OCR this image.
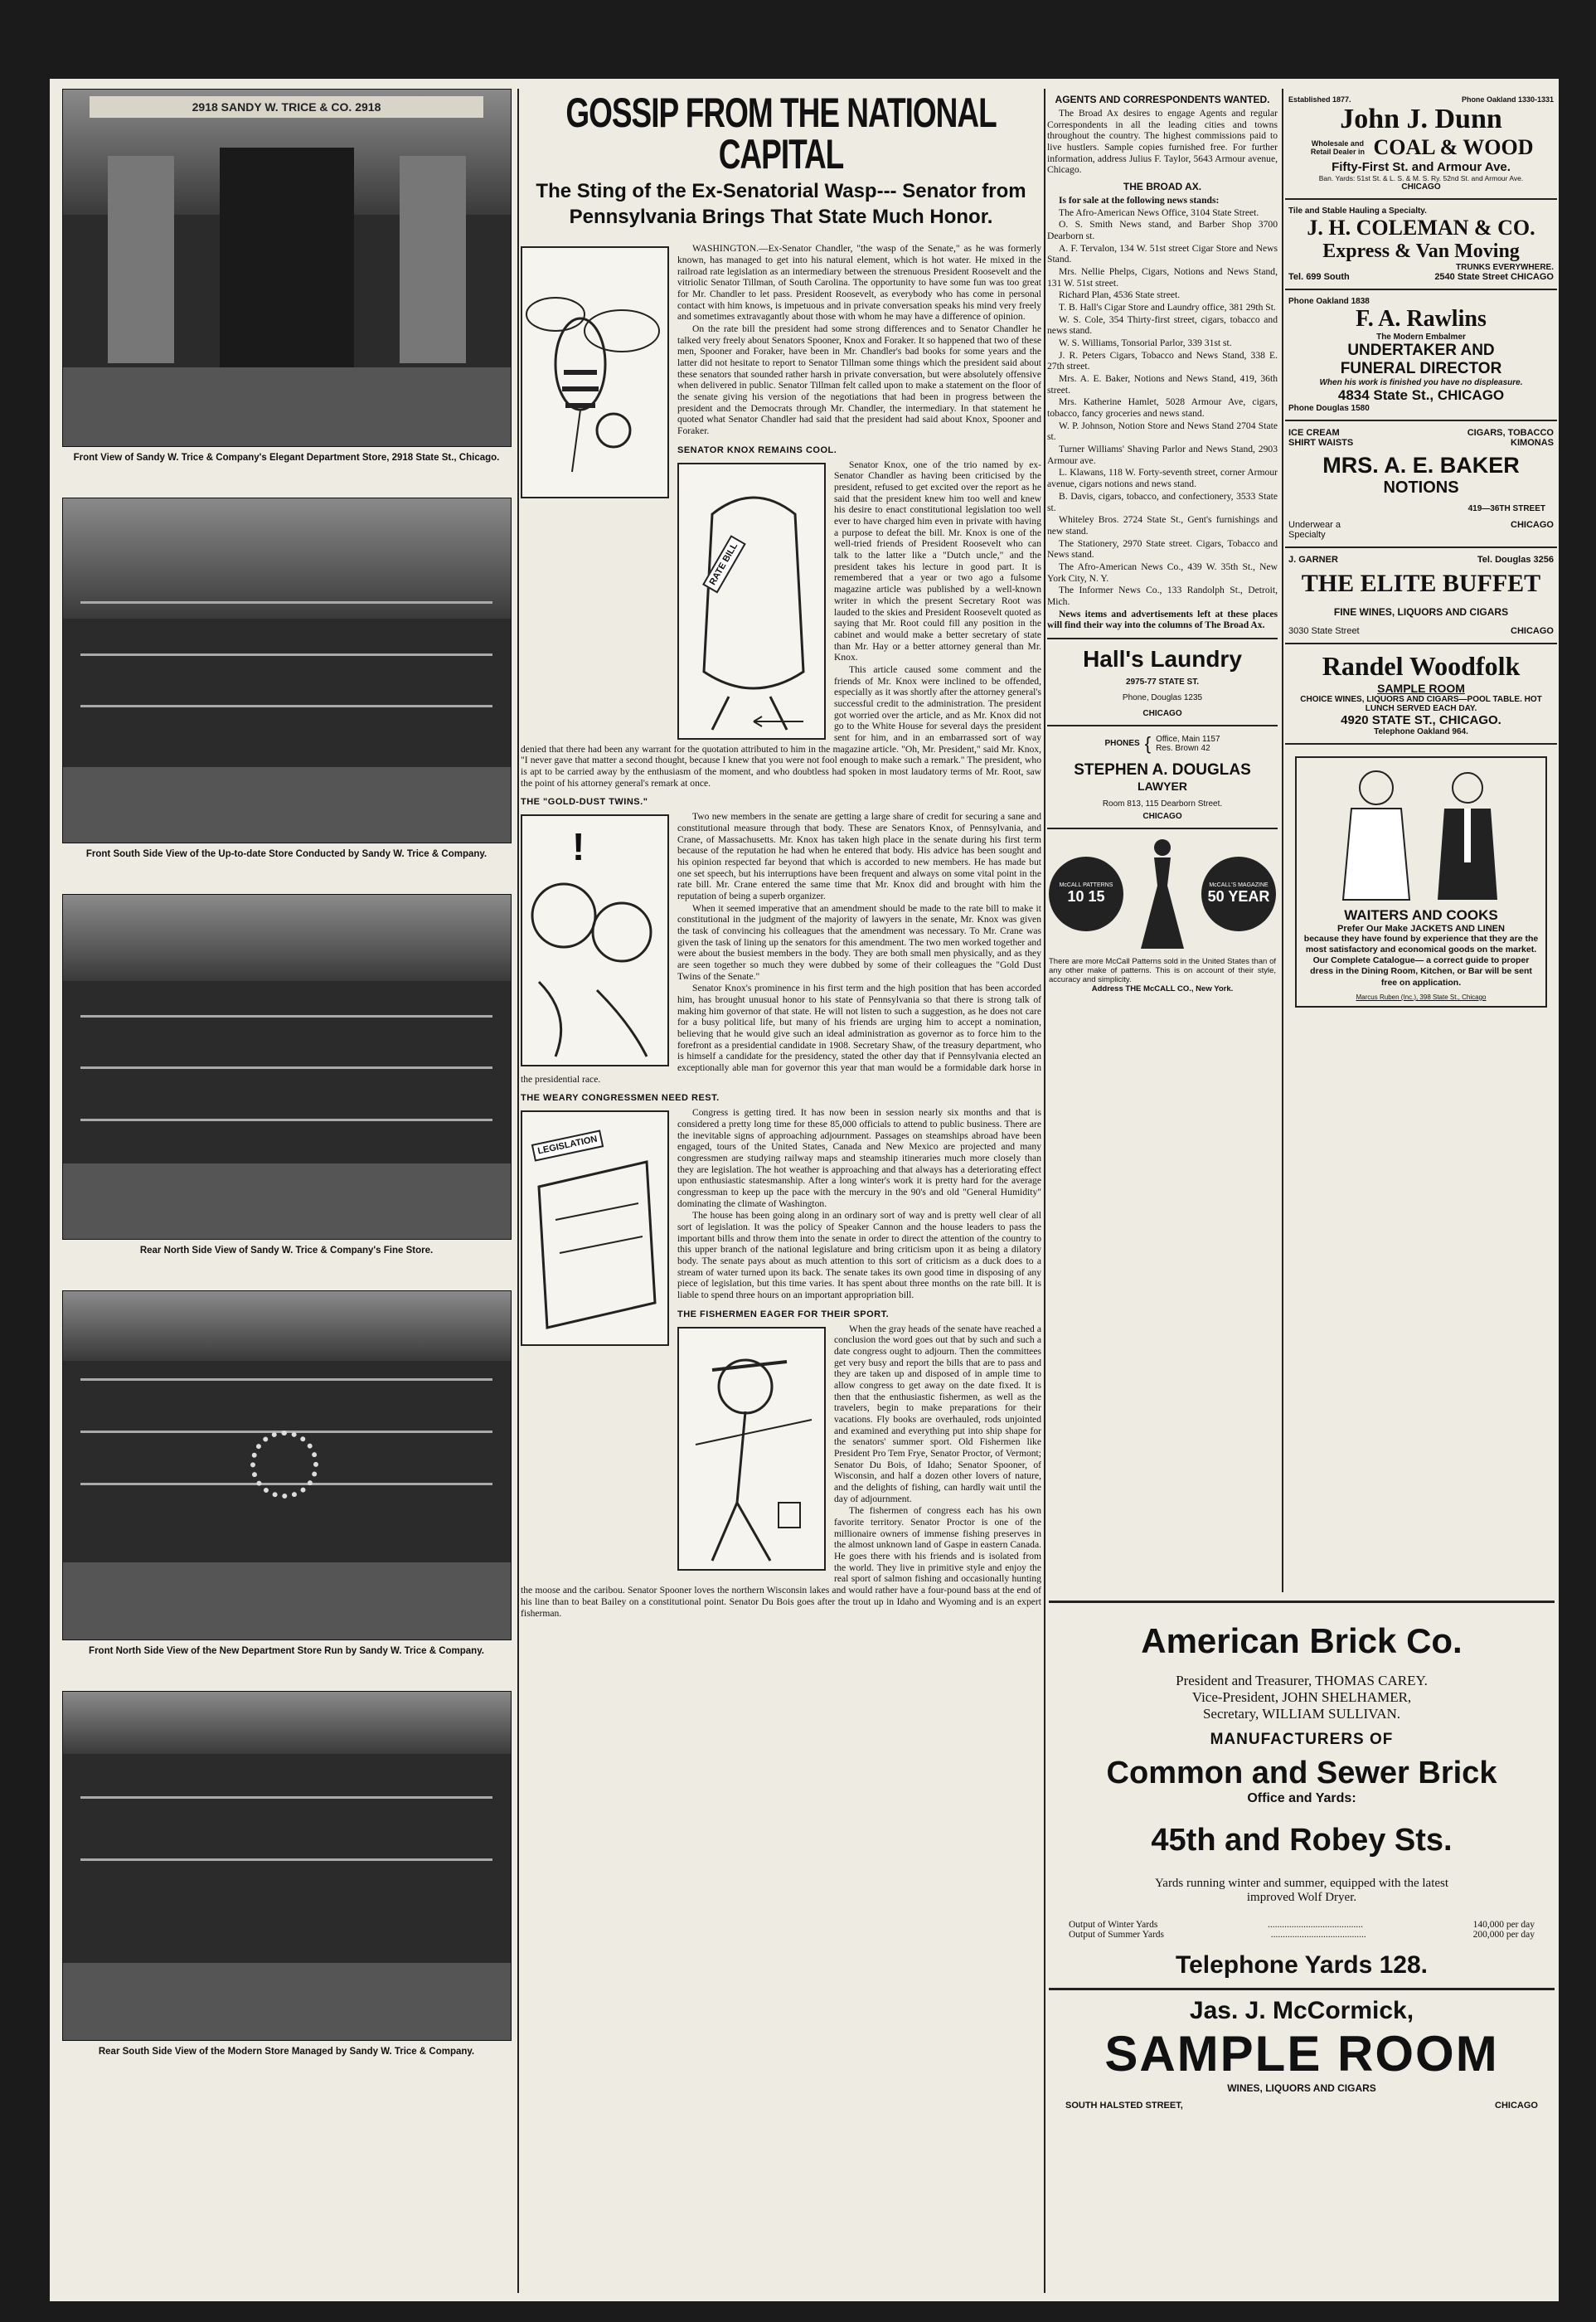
2918 SANDY W. TRICE & CO. 2918
Front View of Sandy W. Trice & Company's Elegant Department Store, 2918 State St., Chicago.
Front South Side View of the Up-to-date Store Conducted by Sandy W. Trice & Company.
Rear North Side View of Sandy W. Trice & Company's Fine Store.
Front North Side View of the New Department Store Run by Sandy W. Trice & Company.
Rear South Side View of the Modern Store Managed by Sandy W. Trice & Company.
GOSSIP FROM THE NATIONAL CAPITAL
The Sting of the Ex-Senatorial Wasp--- Senator from Pennsylvania Brings That State Much Honor.

WASHINGTON.—Ex-Senator Chandler, "the wasp of the Senate," as he was formerly known, has managed to get into his natural element, which is hot water. He mixed in the railroad rate legislation as an intermediary between the strenuous President Roosevelt and the vitriolic Senator Tillman, of South Carolina. The opportunity to have some fun was too great for Mr. Chandler to let pass. President Roosevelt, as everybody who has come in personal contact with him knows, is impetuous and in private conversation speaks his mind very freely and sometimes extravagantly about those with whom he may have a difference of opinion.

On the rate bill the president had some strong differences and to Senator Chandler he talked very freely about Senators Spooner, Knox and Foraker. It so happened that two of these men, Spooner and Foraker, have been in Mr. Chandler's bad books for some years and the latter did not hesitate to report to Senator Tillman some things which the president said about these senators that sounded rather harsh in private conversation, but were absolutely offensive when delivered in public. Senator Tillman felt called upon to make a statement on the floor of the senate giving his version of the negotiations that had been in progress between the president and the Democrats through Mr. Chandler, the intermediary. In that statement he quoted what Senator Chandler had said that the president had said about Knox, Spooner and Foraker.

SENATOR KNOX REMAINS COOL.
RATE BILL

Senator Knox, one of the trio named by ex-Senator Chandler as having been criticised by the president, refused to get excited over the report as he said that the president knew him too well and knew his desire to enact constitutional legislation too well ever to have charged him even in private with having a purpose to defeat the bill. Mr. Knox is one of the well-tried friends of President Roosevelt who can talk to the latter like a "Dutch uncle," and the president takes his lecture in good part. It is remembered that a year or two ago a fulsome magazine article was published by a well-known writer in which the present Secretary Root was lauded to the skies and President Roosevelt quoted as saying that Mr. Root could fill any position in the cabinet and would make a better secretary of state than Mr. Hay or a better attorney general than Mr. Knox.

This article caused some comment and the friends of Mr. Knox were inclined to be offended, especially as it was shortly after the attorney general's successful credit to the administration. The president got worried over the article, and as Mr. Knox did not go to the White House for several days the president sent for him, and in an embarrassed sort of way denied that there had been any warrant for the quotation attributed to him in the magazine article. "Oh, Mr. President," said Mr. Knox, "I never gave that matter a second thought, because I knew that you were not fool enough to make such a remark." The president, who is apt to be carried away by the enthusiasm of the moment, and who doubtless had spoken in most laudatory terms of Mr. Root, saw the point of his attorney general's remark at once.

THE "GOLD-DUST TWINS."
!

Two new members in the senate are getting a large share of credit for securing a sane and constitutional measure through that body. These are Senators Knox, of Pennsylvania, and Crane, of Massachusetts. Mr. Knox has taken high place in the senate during his first term because of the reputation he had when he entered that body. His advice has been sought and his opinion respected far beyond that which is accorded to new members. He has made but one set speech, but his interruptions have been frequent and always on some vital point in the rate bill. Mr. Crane entered the same time that Mr. Knox did and brought with him the reputation of being a superb organizer.

When it seemed imperative that an amendment should be made to the rate bill to make it constitutional in the judgment of the majority of lawyers in the senate, Mr. Knox was given the task of convincing his colleagues that the amendment was necessary. To Mr. Crane was given the task of lining up the senators for this amendment. The two men worked together and were about the busiest members in the body. They are both small men physically, and as they are seen together so much they were dubbed by some of their colleagues the "Gold Dust Twins of the Senate."

Senator Knox's prominence in his first term and the high position that has been accorded him, has brought unusual honor to his state of Pennsylvania so that there is strong talk of making him governor of that state. He will not listen to such a suggestion, as he does not care for a busy political life, but many of his friends are urging him to accept a nomination, believing that he would give such an ideal administration as governor as to force him to the forefront as a presidential candidate in 1908. Secretary Shaw, of the treasury department, who is himself a candidate for the presidency, stated the other day that if Pennsylvania elected an exceptionally able man for governor this year that man would be a formidable dark horse in the presidential race.

THE WEARY CONGRESSMEN NEED REST.
LEGISLATION

Congress is getting tired. It has now been in session nearly six months and that is considered a pretty long time for these 85,000 officials to attend to public business. There are the inevitable signs of approaching adjournment. Passages on steamships abroad have been engaged, tours of the United States, Canada and New Mexico are projected and many congressmen are studying railway maps and steamship itineraries much more closely than they are legislation. The hot weather is approaching and that always has a deteriorating effect upon enthusiastic statesmanship. After a long winter's work it is pretty hard for the average congressman to keep up the pace with the mercury in the 90's and old "General Humidity" dominating the climate of Washington.

The house has been going along in an ordinary sort of way and is pretty well clear of all sort of legislation. It was the policy of Speaker Cannon and the house leaders to pass the important bills and throw them into the senate in order to direct the attention of the country to this upper branch of the national legislature and bring criticism upon it as being a dilatory body. The senate pays about as much attention to this sort of criticism as a duck does to a stream of water turned upon its back. The senate takes its own good time in disposing of any piece of legislation, but this time varies. It has spent about three months on the rate bill. It is liable to spend three hours on an important appropriation bill.

THE FISHERMEN EAGER FOR THEIR SPORT.

When the gray heads of the senate have reached a conclusion the word goes out that by such and such a date congress ought to adjourn. Then the committees get very busy and report the bills that are to pass and they are taken up and disposed of in ample time to allow congress to get away on the date fixed. It is then that the enthusiastic fishermen, as well as the travelers, begin to make preparations for their vacations. Fly books are overhauled, rods unjointed and examined and everything put into ship shape for the senators' summer sport. Old Fishermen like President Pro Tem Frye, Senator Proctor, of Vermont; Senator Du Bois, of Idaho; Senator Spooner, of Wisconsin, and half a dozen other lovers of nature, and the delights of fishing, can hardly wait until the day of adjournment.

The fishermen of congress each has his own favorite territory. Senator Proctor is one of the millionaire owners of immense fishing preserves in the almost unknown land of Gaspe in eastern Canada. He goes there with his friends and is isolated from the world. They live in primitive style and enjoy the real sport of salmon fishing and occasionally hunting the moose and the caribou. Senator Spooner loves the northern Wisconsin lakes and would rather have a four-pound bass at the end of his line than to beat Bailey on a constitutional point. Senator Du Bois goes after the trout up in Idaho and Wyoming and is an expert fisherman.

AGENTS AND CORRESPONDENTS WANTED.

The Broad Ax desires to engage Agents and regular Correspondents in all the leading cities and towns throughout the country. The highest commissions paid to live hustlers. Sample copies furnished free. For further information, address Julius F. Taylor, 5643 Armour avenue, Chicago.

THE BROAD AX.

Is for sale at the following news stands:

The Afro-American News Office, 3104 State Street.

O. S. Smith News stand, and Barber Shop 3700 Dearborn st.

A. F. Tervalon, 134 W. 51st street Cigar Store and News Stand.

Mrs. Nellie Phelps, Cigars, Notions and News Stand, 131 W. 51st street.

Richard Plan, 4536 State street.

T. B. Hall's Cigar Store and Laundry office, 381 29th St.

W. S. Cole, 354 Thirty-first street, cigars, tobacco and news stand.

W. S. Williams, Tonsorial Parlor, 339 31st st.

J. R. Peters Cigars, Tobacco and News Stand, 338 E. 27th street.

Mrs. A. E. Baker, Notions and News Stand, 419, 36th street.

Mrs. Katherine Hamlet, 5028 Armour Ave, cigars, tobacco, fancy groceries and news stand.

W. P. Johnson, Notion Store and News Stand 2704 State st.

Turner Williams' Shaving Parlor and News Stand, 2903 Armour ave.

L. Klawans, 118 W. Forty-seventh street, corner Armour avenue, cigars notions and news stand.

B. Davis, cigars, tobacco, and confectionery, 3533 State st.

Whiteley Bros. 2724 State St., Gent's furnishings and new stand.

The Stationery, 2970 State street. Cigars, Tobacco and News stand.

The Afro-American News Co., 439 W. 35th St., New York City, N. Y.

The Informer News Co., 133 Randolph St., Detroit, Mich.

News items and advertisements left at these places will find their way into the columns of The Broad Ax.

Hall's Laundry
2975-77 STATE ST.
Phone, Douglas 1235
CHICAGO
PHONES { Office, Main 1157
Res. Brown 42
STEPHEN A. DOUGLAS
LAWYER
Room 813, 115 Dearborn Street.
CHICAGO
McCALL PATTERNS
10 15
McCALL'S MAGAZINE
50 YEAR
There are more McCall Patterns sold in the United States than of any other make of patterns. This is on account of their style, accuracy and simplicity.
Address THE McCALL CO., New York.
Established 1877.	Phone Oakland 1330-1331
John J. Dunn
Wholesale and Retail Dealer in COAL & WOOD
Fifty-First St. and Armour Ave.
Ban. Yards: 51st St. & L. S. & M. S. Ry. 52nd St. and Armour Ave.
CHICAGO
Tile and Stable Hauling a Specialty.
J. H. COLEMAN & CO.
Express & Van Moving
TRUNKS EVERYWHERE.
Tel. 699 South	2540 State Street CHICAGO
Phone Oakland 1838
F. A. Rawlins
The Modern Embalmer
UNDERTAKER AND
FUNERAL DIRECTOR
When his work is finished you have no displeasure.
4834 State St., CHICAGO
Phone Douglas 1580
ICE CREAM	CIGARS, TOBACCO
SHIRT WAISTS	KIMONAS
MRS. A. E. BAKER
NOTIONS
419—36TH STREET
Underwear a Specialty
CHICAGO
J. GARNER	Tel. Douglas 3256
THE ELITE BUFFET
FINE WINES, LIQUORS AND CIGARS
3030 State Street	CHICAGO
Randel Woodfolk
SAMPLE ROOM
CHOICE WINES, LIQUORS AND CIGARS—POOL TABLE. HOT LUNCH SERVED EACH DAY.
4920 STATE ST., CHICAGO.
Telephone Oakland 964.
WAITERS AND COOKS
Prefer Our Make JACKETS AND LINEN
because they have found by experience that they are the most satisfactory and economical goods on the market. Our Complete Catalogue— a correct guide to proper dress in the Dining Room, Kitchen, or Bar will be sent free on application.
Marcus Ruben (Inc.), 398 State St., Chicago
American Brick Co.
President and Treasurer, THOMAS CAREY.
Vice-President, JOHN SHELHAMER,
Secretary, WILLIAM SULLIVAN.
MANUFACTURERS OF
Common and Sewer Brick
Office and Yards:
45th and Robey Sts.
Yards running winter and summer, equipped with the latest improved Wolf Dryer.
Output of Winter Yards	........................................	140,000 per day
Output of Summer Yards	........................................	200,000 per day
Telephone Yards 128.
Jas. J. McCormick,
SAMPLE ROOM
WINES, LIQUORS AND CIGARS
SOUTH HALSTED STREET,	CHICAGO
